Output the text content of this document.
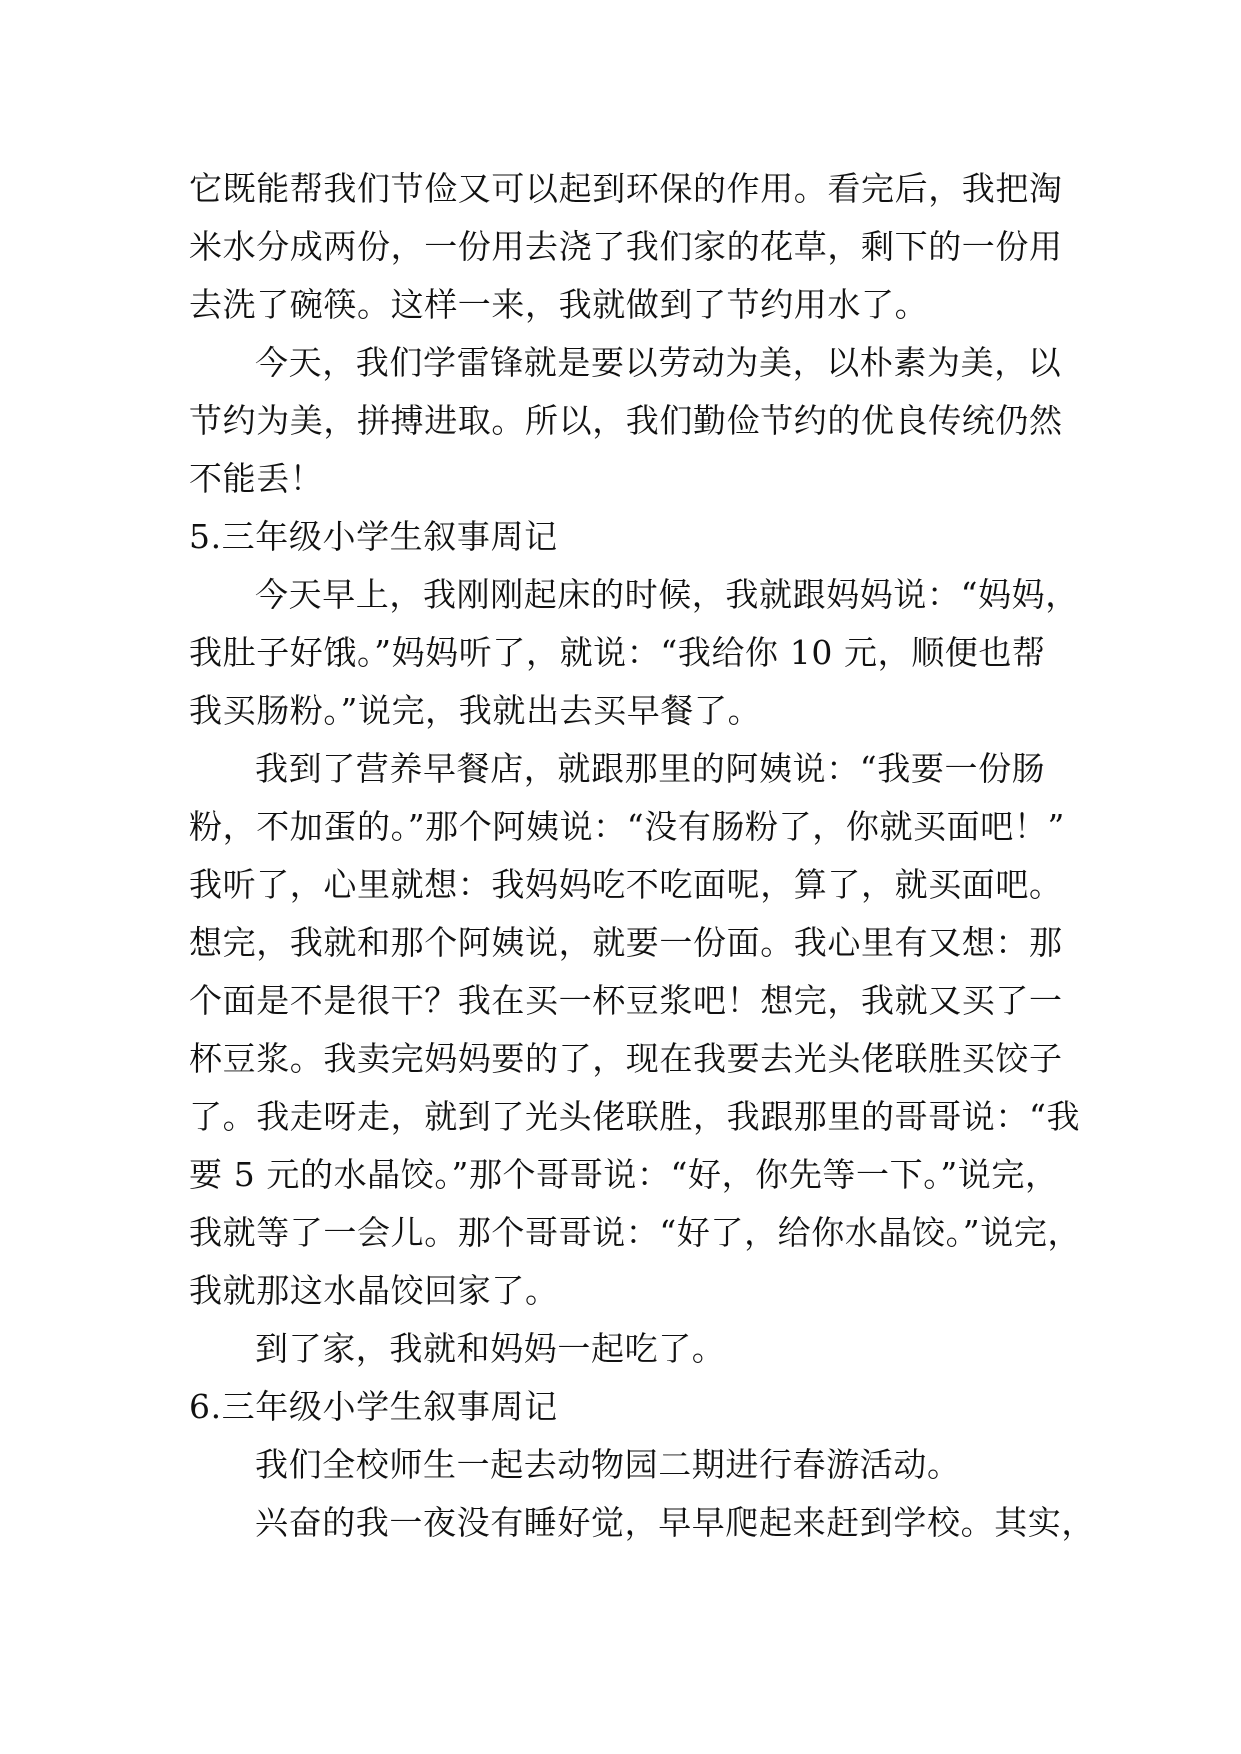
它既能帮我们节俭又可以起到环保的作用。看完后，我把淘
米水分成两份，一份用去浇了我们家的花草，剩下的一份用
去洗了碗筷。这样一来，我就做到了节约用水了。
今天，我们学雷锋就是要以劳动为美，以朴素为美，以
节约为美，拼搏进取。所以，我们勤俭节约的优良传统仍然
不能丢！
5.三年级小学生叙事周记
今天早上，我刚刚起床的时候，我就跟妈妈说：“妈妈，
我肚子好饿。”妈妈听了，就说：“我给你 10 元，顺便也帮
我买肠粉。”说完，我就出去买早餐了。
我到了营养早餐店，就跟那里的阿姨说：“我要一份肠
粉，不加蛋的。”那个阿姨说：“没有肠粉了，你就买面吧！”
我听了，心里就想：我妈妈吃不吃面呢，算了，就买面吧。
想完，我就和那个阿姨说，就要一份面。我心里有又想：那
个面是不是很干？我在买一杯豆浆吧！想完，我就又买了一
杯豆浆。我卖完妈妈要的了，现在我要去光头佬联胜买饺子
了。我走呀走，就到了光头佬联胜，我跟那里的哥哥说：“我
要 5 元的水晶饺。”那个哥哥说：“好，你先等一下。”说完，
我就等了一会儿。那个哥哥说：“好了，给你水晶饺。”说完，
我就那这水晶饺回家了。
到了家，我就和妈妈一起吃了。
6.三年级小学生叙事周记
我们全校师生一起去动物园二期进行春游活动。
兴奋的我一夜没有睡好觉，早早爬起来赶到学校。其实，
